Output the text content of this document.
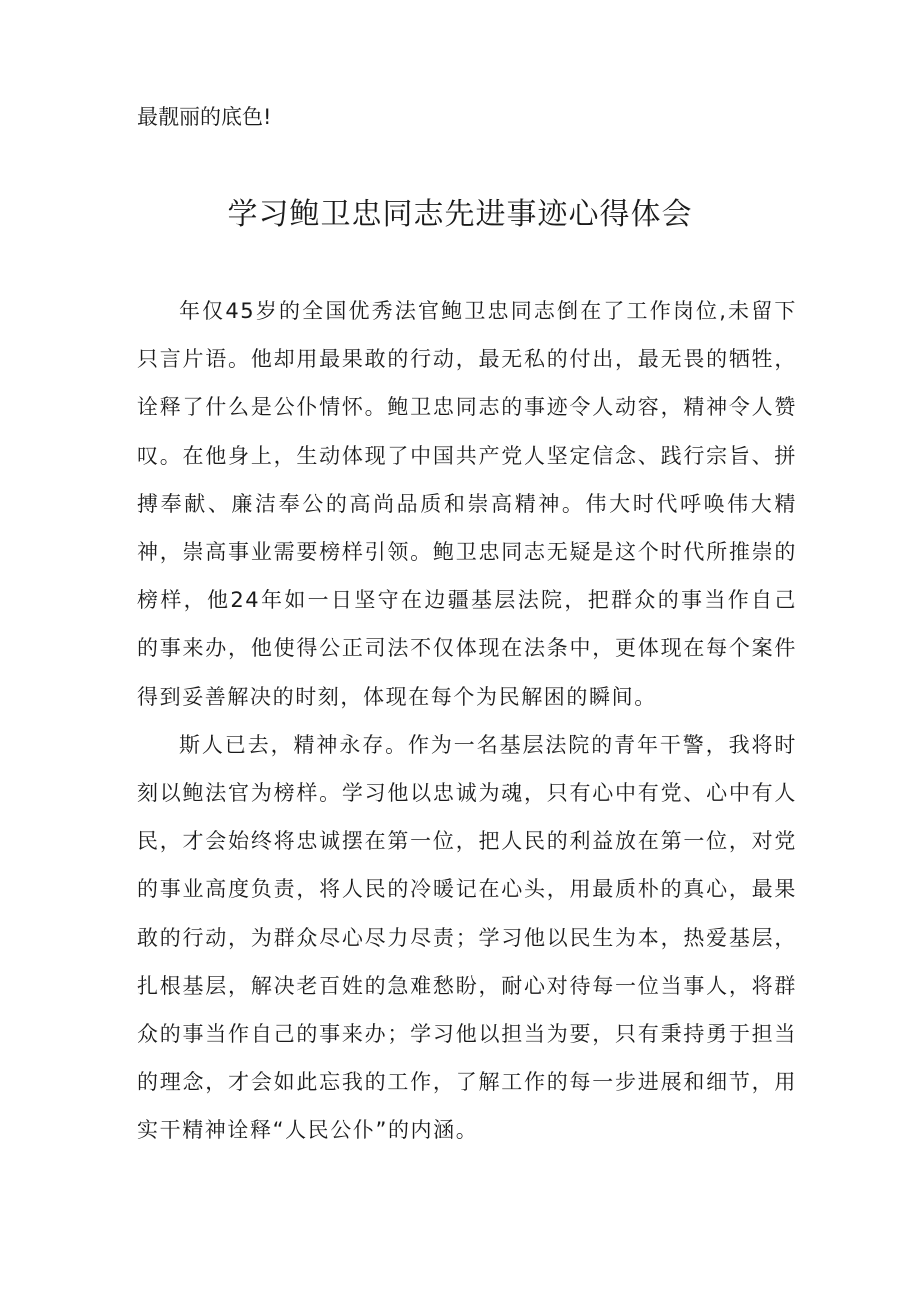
最靓丽的底色!

学习鲍卫忠同志先进事迹心得体会

年仅45岁的全国优秀法官鲍卫忠同志倒在了工作岗位,未留下只言片语。他却用最果敢的行动，最无私的付出，最无畏的牺牲，诠释了什么是公仆情怀。鲍卫忠同志的事迹令人动容，精神令人赞叹。在他身上，生动体现了中国共产党人坚定信念、践行宗旨、拼搏奉献、廉洁奉公的高尚品质和崇高精神。伟大时代呼唤伟大精神，崇高事业需要榜样引领。鲍卫忠同志无疑是这个时代所推崇的榜样，他24年如一日坚守在边疆基层法院，把群众的事当作自己的事来办，他使得公正司法不仅体现在法条中，更体现在每个案件得到妥善解决的时刻，体现在每个为民解困的瞬间。

斯人已去，精神永存。作为一名基层法院的青年干警，我将时刻以鲍法官为榜样。学习他以忠诚为魂，只有心中有党、心中有人民，才会始终将忠诚摆在第一位，把人民的利益放在第一位，对党的事业高度负责，将人民的冷暖记在心头，用最质朴的真心，最果敢的行动，为群众尽心尽力尽责；学习他以民生为本，热爱基层，扎根基层，解决老百姓的急难愁盼，耐心对待每一位当事人，将群众的事当作自己的事来办；学习他以担当为要，只有秉持勇于担当的理念，才会如此忘我的工作，了解工作的每一步进展和细节，用实干精神诠释“人民公仆”的内涵。
